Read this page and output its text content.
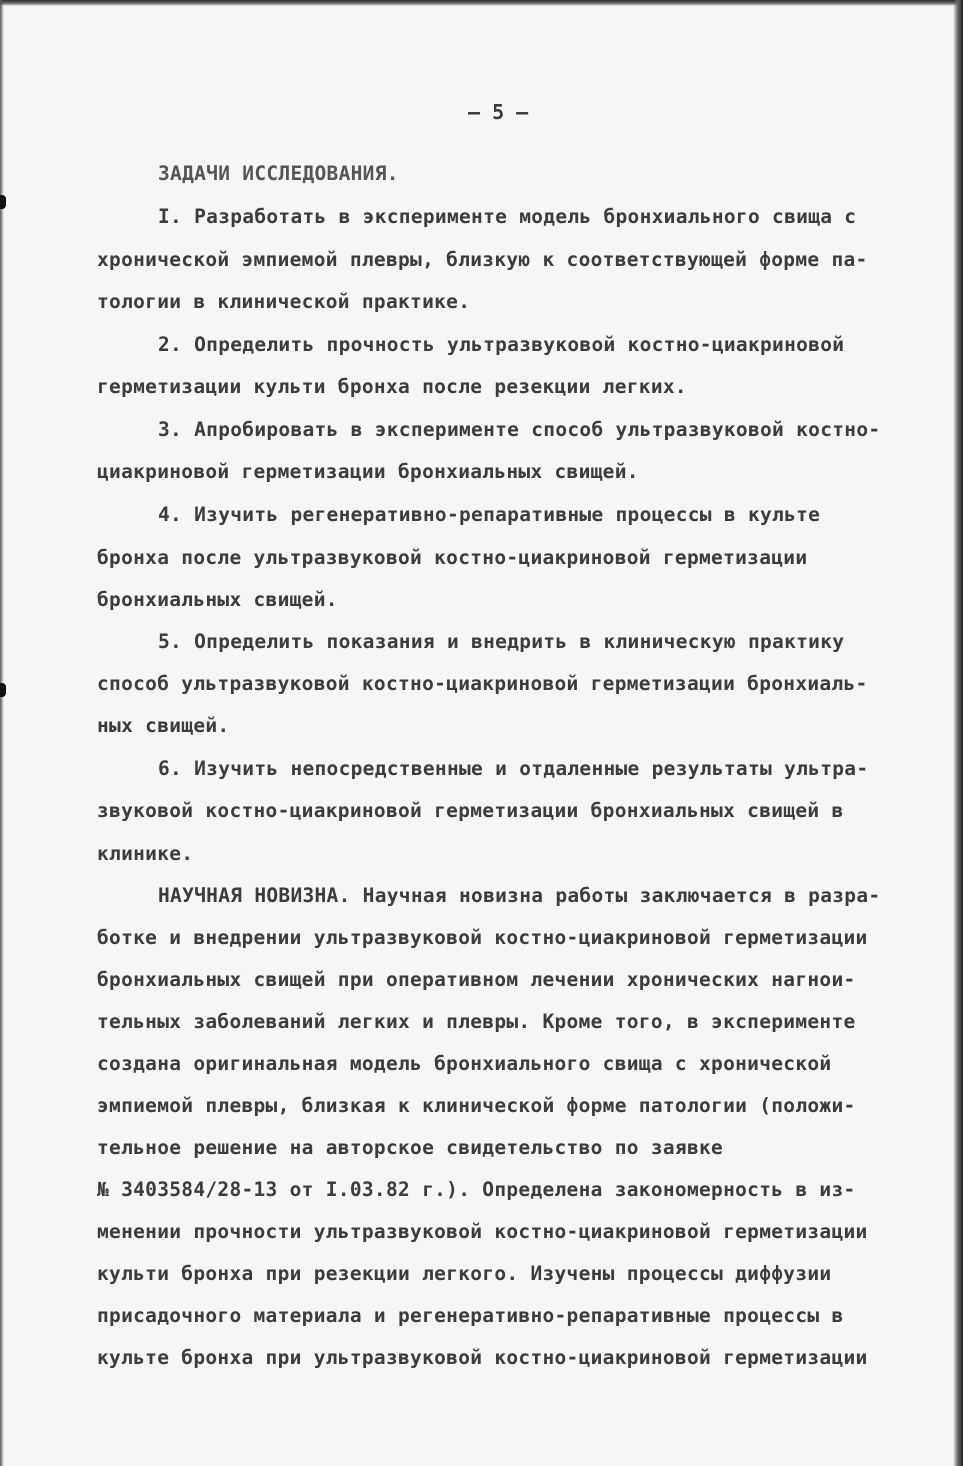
– 5 –

ЗАДАЧИ ИССЛЕДОВАНИЯ.

I. Разработать в эксперименте модель бронхиального свища с

хронической эмпиемой плевры, близкую к соответствующей форме па-

тологии в клинической практике.

2. Определить прочность ультразвуковой костно-циакриновой

герметизации культи бронха после резекции легких.

3. Апробировать в эксперименте способ ультразвуковой костно-

циакриновой герметизации бронхиальных свищей.

4. Изучить регенеративно-репаративные процессы в культе

бронха после ультразвуковой костно-циакриновой герметизации

бронхиальных свищей.

5. Определить показания и внедрить в клиническую практику

способ ультразвуковой костно-циакриновой герметизации бронхиаль-

ных свищей.

6. Изучить непосредственные и отдаленные результаты ультра-

звуковой костно-циакриновой герметизации бронхиальных свищей в

клинике.

НАУЧНАЯ НОВИЗНА. Научная новизна работы заключается в разра-

ботке и внедрении ультразвуковой костно-циакриновой герметизации

бронхиальных свищей при оперативном лечении хронических нагнои-

тельных заболеваний легких и плевры. Кроме того, в эксперименте

создана оригинальная модель бронхиального свища с хронической

эмпиемой плевры, близкая к клинической форме патологии (положи-

тельное решение на авторское свидетельство по заявке

№ 3403584/28-13 от I.03.82 г.). Определена закономерность в из-

менении прочности ультразвуковой костно-циакриновой герметизации

культи бронха при резекции легкого. Изучены процессы диффузии

присадочного материала и регенеративно-репаративные процессы в

культе бронха при ультразвуковой костно-циакриновой герметизации
